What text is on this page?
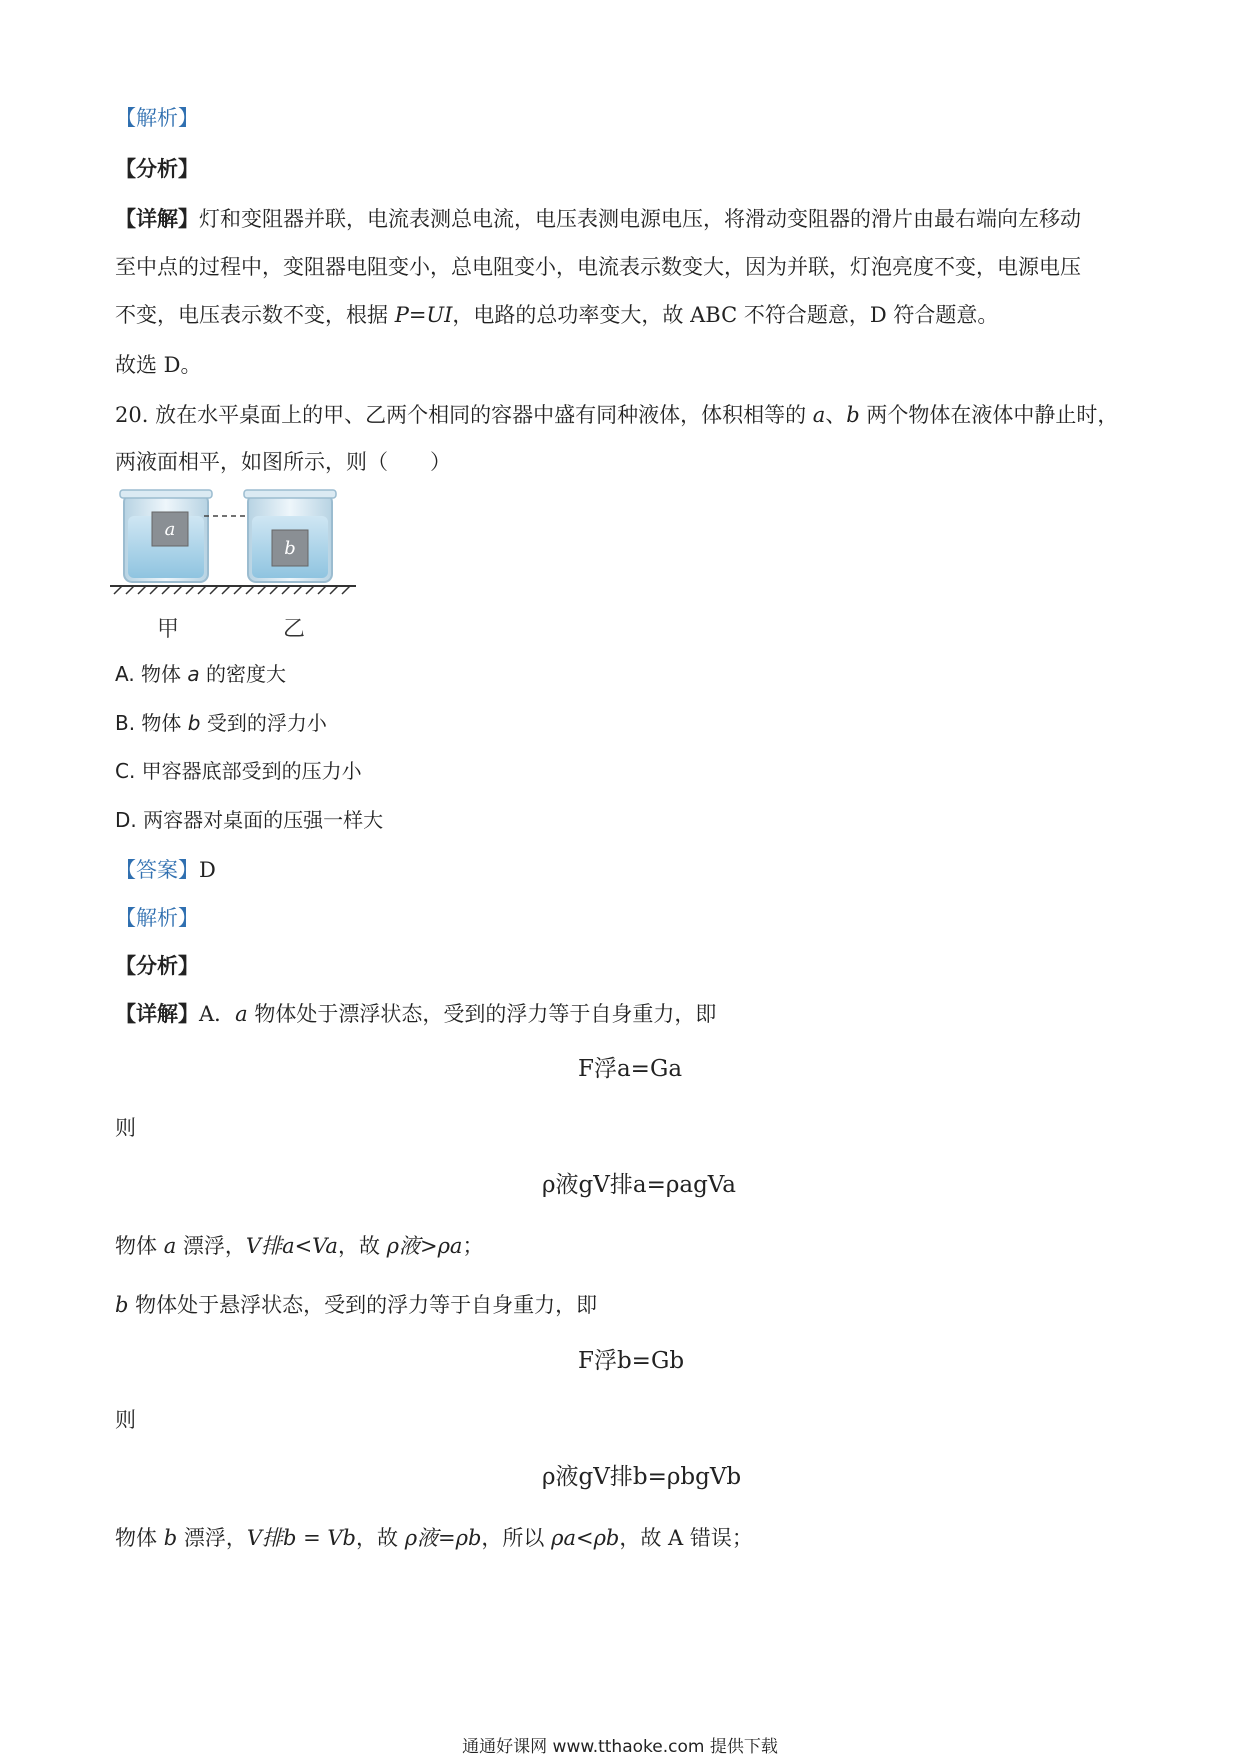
【解析】
【分析】
【详解】灯和变阻器并联，电流表测总电流，电压表测电源电压，将滑动变阻器的滑片由最右端向左移动
至中点的过程中，变阻器电阻变小，总电阻变小，电流表示数变大，因为并联，灯泡亮度不变，电源电压
不变，电压表示数不变，根据 P=UI，电路的总功率变大，故 ABC 不符合题意，D 符合题意。
故选 D。
20. 放在水平桌面上的甲、乙两个相同的容器中盛有同种液体，体积相等的 a、b 两个物体在液体中静止时，
两液面相平，如图所示，则（　　）
a
b
甲	乙
A. 物体 a 的密度大
B. 物体 b 受到的浮力小
C. 甲容器底部受到的压力小
D. 两容器对桌面的压强一样大
【答案】D
【解析】
【分析】
【详解】A．a 物体处于漂浮状态，受到的浮力等于自身重力，即
F浮a=Ga
则
ρ液gV排a=ρagVa
物体 a 漂浮，V排a<Va，故 ρ液>ρa；
b 物体处于悬浮状态，受到的浮力等于自身重力，即
F浮b=Gb
则
ρ液gV排b=ρbgVb
物体 b 漂浮，V排b = Vb，故 ρ液=ρb，所以 ρa<ρb，故 A 错误；
通通好课网 www.tthaoke.com 提供下载
